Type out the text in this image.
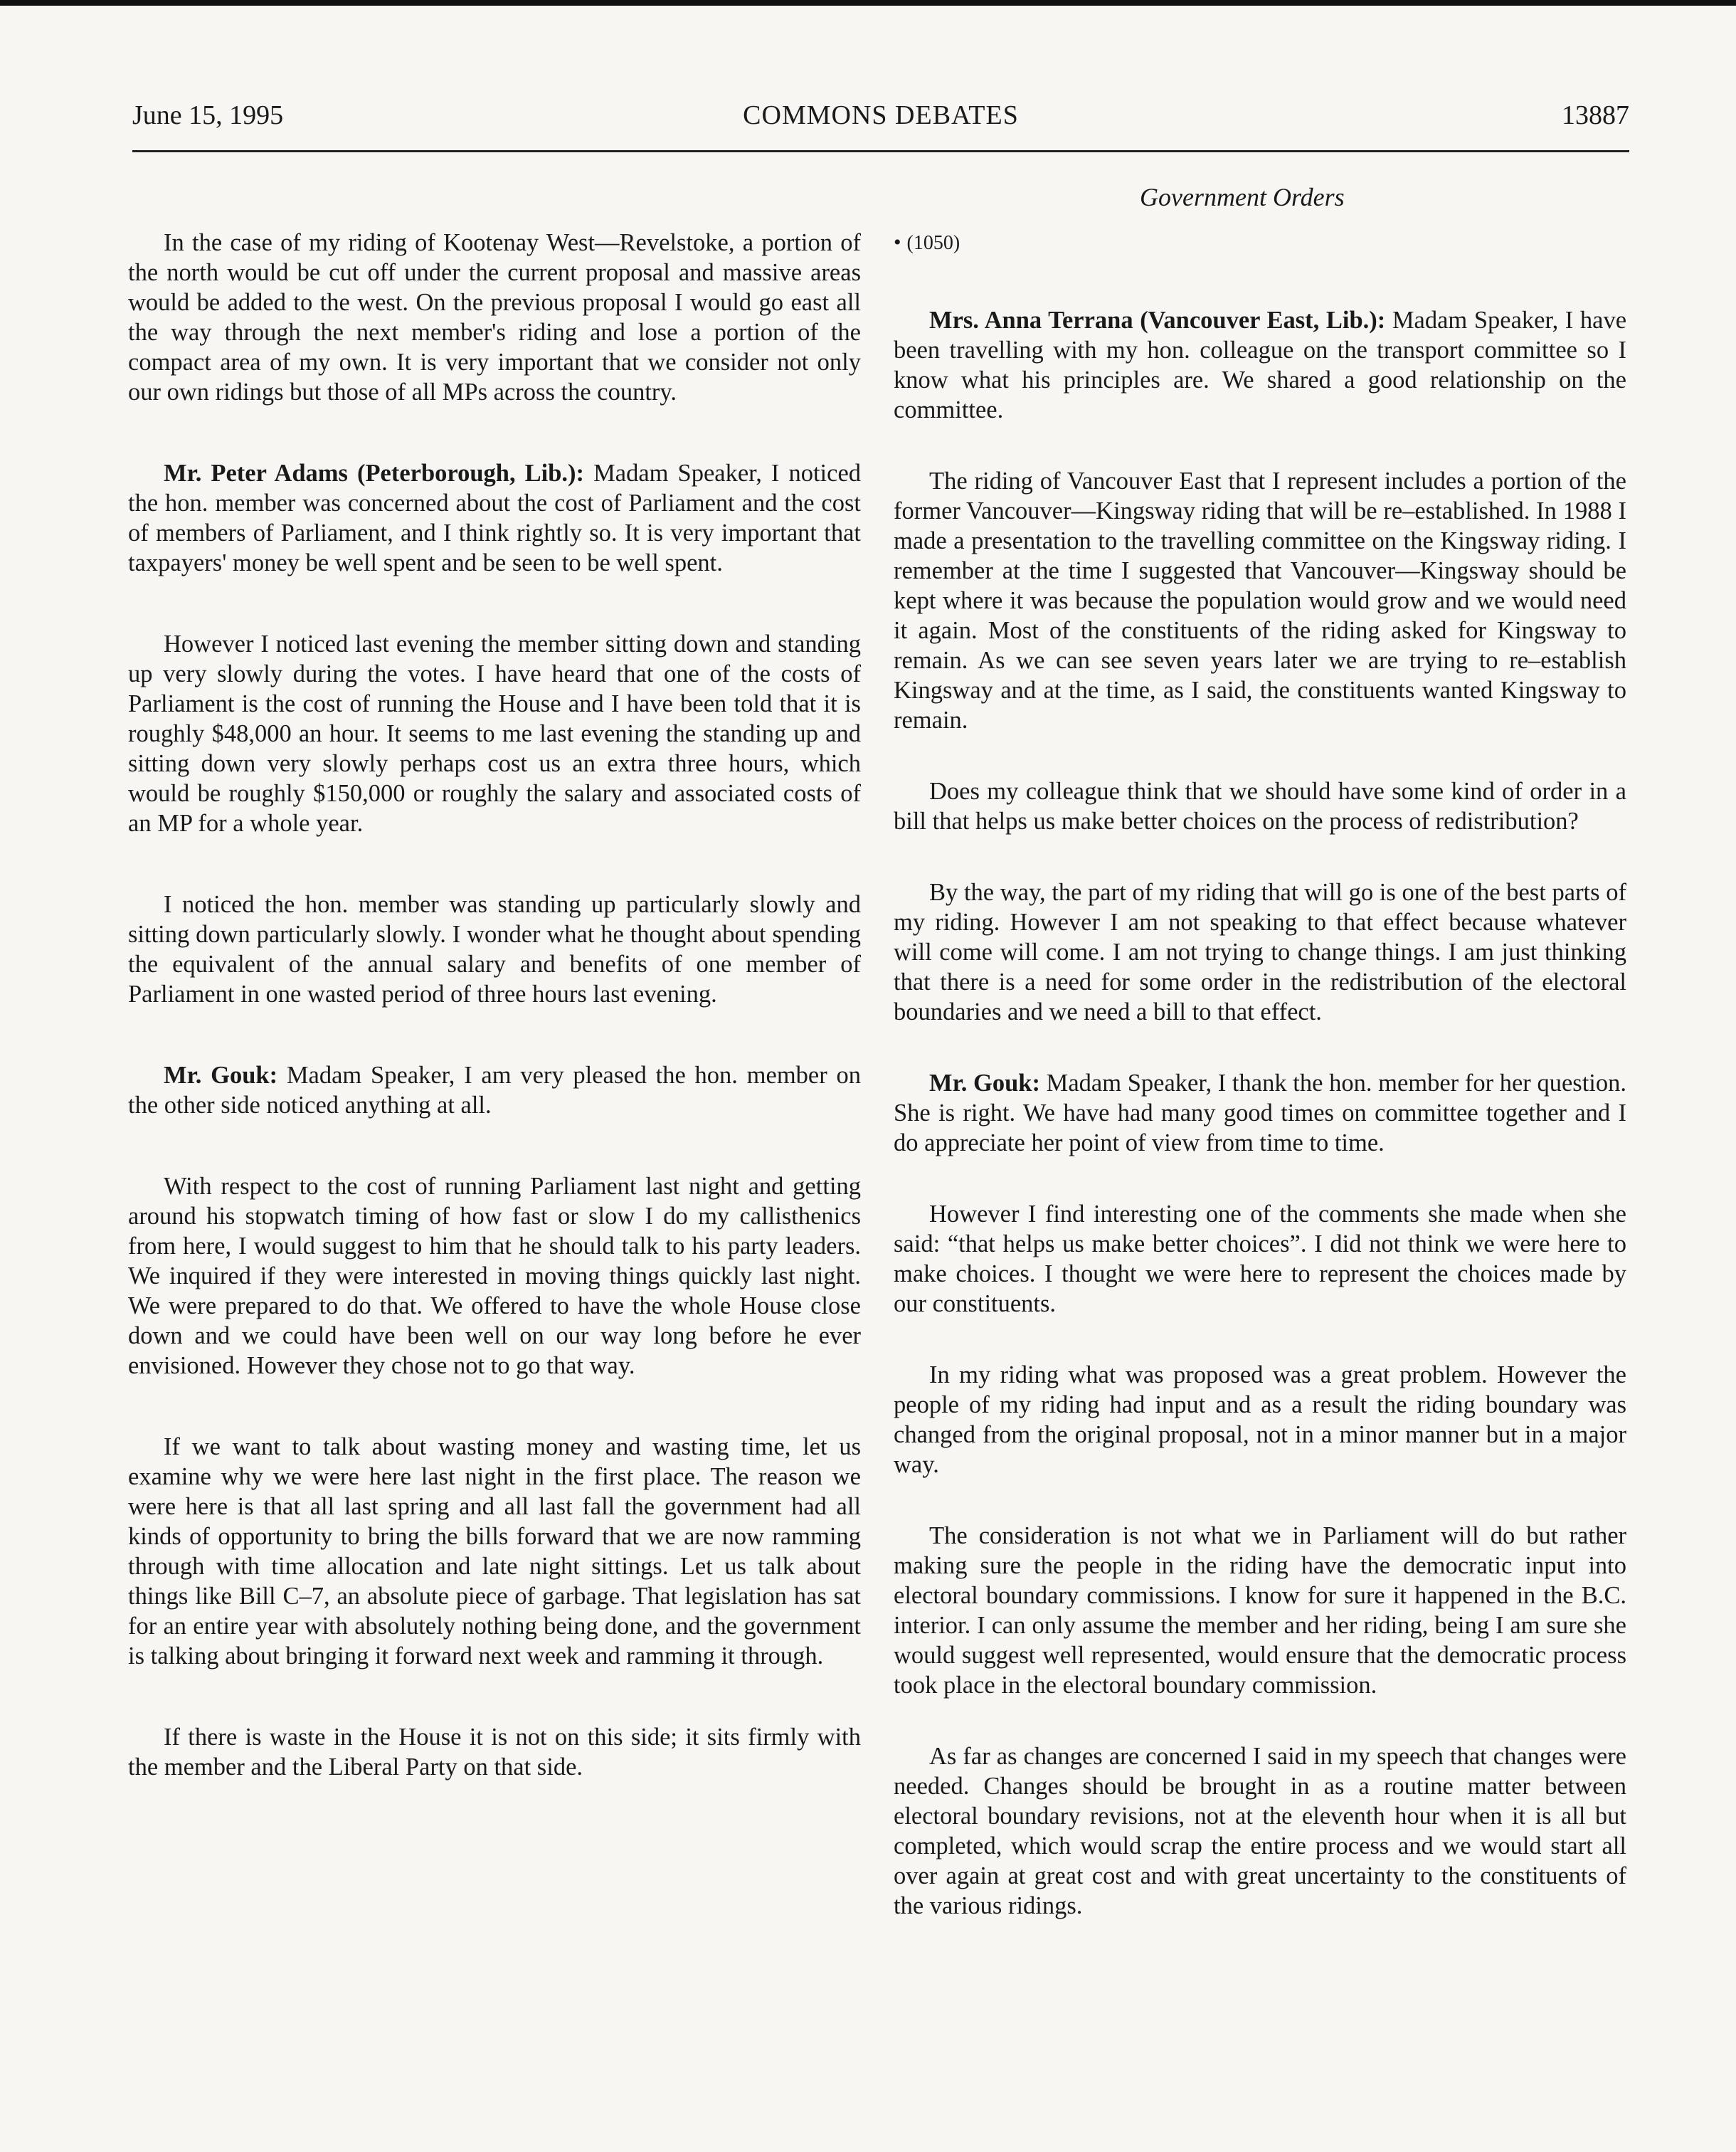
June 15, 1995	COMMONS DEBATES	13887
Government Orders

In the case of my riding of Kootenay West—Revelstoke, a portion of the north would be cut off under the current proposal and massive areas would be added to the west. On the previous proposal I would go east all the way through the next member's riding and lose a portion of the compact area of my own. It is very important that we consider not only our own ridings but those of all MPs across the country.

Mr. Peter Adams (Peterborough, Lib.): Madam Speaker, I noticed the hon. member was concerned about the cost of Parliament and the cost of members of Parliament, and I think rightly so. It is very important that taxpayers' money be well spent and be seen to be well spent.

However I noticed last evening the member sitting down and standing up very slowly during the votes. I have heard that one of the costs of Parliament is the cost of running the House and I have been told that it is roughly $48,000 an hour. It seems to me last evening the standing up and sitting down very slowly perhaps cost us an extra three hours, which would be roughly $150,000 or roughly the salary and associated costs of an MP for a whole year.

I noticed the hon. member was standing up particularly slowly and sitting down particularly slowly. I wonder what he thought about spending the equivalent of the annual salary and benefits of one member of Parliament in one wasted period of three hours last evening.

Mr. Gouk: Madam Speaker, I am very pleased the hon. member on the other side noticed anything at all.

With respect to the cost of running Parliament last night and getting around his stopwatch timing of how fast or slow I do my callisthenics from here, I would suggest to him that he should talk to his party leaders. We inquired if they were interested in moving things quickly last night. We were prepared to do that. We offered to have the whole House close down and we could have been well on our way long before he ever envisioned. However they chose not to go that way.

If we want to talk about wasting money and wasting time, let us examine why we were here last night in the first place. The reason we were here is that all last spring and all last fall the government had all kinds of opportunity to bring the bills forward that we are now ramming through with time allocation and late night sittings. Let us talk about things like Bill C–7, an absolute piece of garbage. That legislation has sat for an entire year with absolutely nothing being done, and the government is talking about bringing it forward next week and ramming it through.

If there is waste in the House it is not on this side; it sits firmly with the member and the Liberal Party on that side.

• (1050)

Mrs. Anna Terrana (Vancouver East, Lib.): Madam Speaker, I have been travelling with my hon. colleague on the transport committee so I know what his principles are. We shared a good relationship on the committee.

The riding of Vancouver East that I represent includes a portion of the former Vancouver—Kingsway riding that will be re–established. In 1988 I made a presentation to the travelling committee on the Kingsway riding. I remember at the time I suggested that Vancouver—Kingsway should be kept where it was because the population would grow and we would need it again. Most of the constituents of the riding asked for Kingsway to remain. As we can see seven years later we are trying to re–establish Kingsway and at the time, as I said, the constituents wanted Kingsway to remain.

Does my colleague think that we should have some kind of order in a bill that helps us make better choices on the process of redistribution?

By the way, the part of my riding that will go is one of the best parts of my riding. However I am not speaking to that effect because whatever will come will come. I am not trying to change things. I am just thinking that there is a need for some order in the redistribution of the electoral boundaries and we need a bill to that effect.

Mr. Gouk: Madam Speaker, I thank the hon. member for her question. She is right. We have had many good times on committee together and I do appreciate her point of view from time to time.

However I find interesting one of the comments she made when she said: “that helps us make better choices”. I did not think we were here to make choices. I thought we were here to represent the choices made by our constituents.

In my riding what was proposed was a great problem. However the people of my riding had input and as a result the riding boundary was changed from the original proposal, not in a minor manner but in a major way.

The consideration is not what we in Parliament will do but rather making sure the people in the riding have the democratic input into electoral boundary commissions. I know for sure it happened in the B.C. interior. I can only assume the member and her riding, being I am sure she would suggest well represented, would ensure that the democratic process took place in the electoral boundary commission.

As far as changes are concerned I said in my speech that changes were needed. Changes should be brought in as a routine matter between electoral boundary revisions, not at the eleventh hour when it is all but completed, which would scrap the entire process and we would start all over again at great cost and with great uncertainty to the constituents of the various ridings.
